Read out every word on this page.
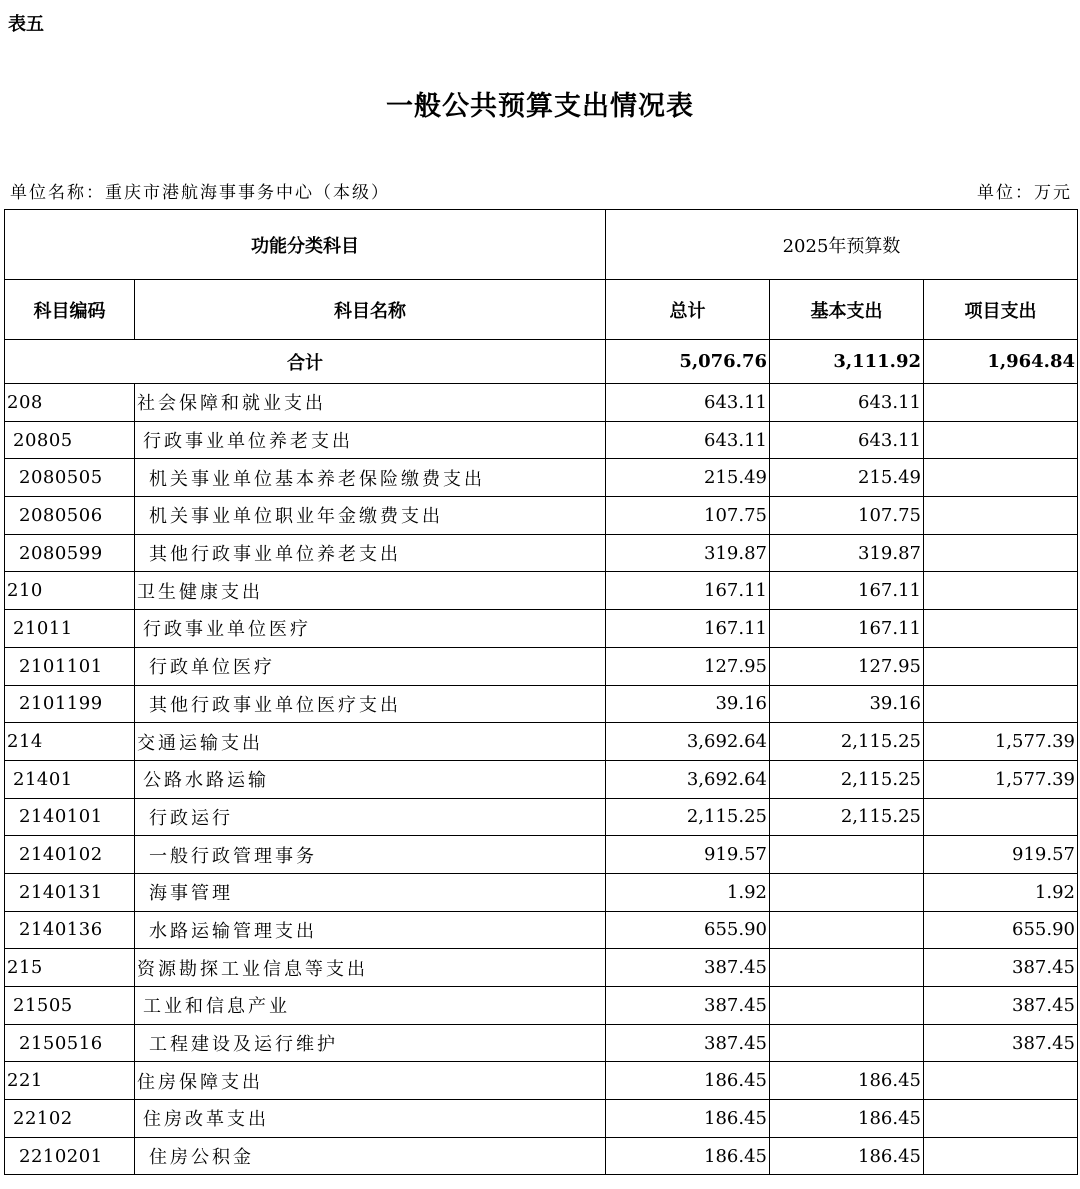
表五
一般公共预算支出情况表
单位名称：重庆市港航海事事务中心（本级）	单位：万元
功能分类科目		2025年预算数		
科目编码	科目名称	总计	基本支出	项目支出
合计		5,076.76	3,111.92	1,964.84
208	社会保障和就业支出	643.11	643.11	
20805	行政事业单位养老支出	643.11	643.11	
2080505	机关事业单位基本养老保险缴费支出	215.49	215.49	
2080506	机关事业单位职业年金缴费支出	107.75	107.75	
2080599	其他行政事业单位养老支出	319.87	319.87	
210	卫生健康支出	167.11	167.11	
21011	行政事业单位医疗	167.11	167.11	
2101101	行政单位医疗	127.95	127.95	
2101199	其他行政事业单位医疗支出	39.16	39.16	
214	交通运输支出	3,692.64	2,115.25	1,577.39
21401	公路水路运输	3,692.64	2,115.25	1,577.39
2140101	行政运行	2,115.25	2,115.25	
2140102	一般行政管理事务	919.57		919.57
2140131	海事管理	1.92		1.92
2140136	水路运输管理支出	655.90		655.90
215	资源勘探工业信息等支出	387.45		387.45
21505	工业和信息产业	387.45		387.45
2150516	工程建设及运行维护	387.45		387.45
221	住房保障支出	186.45	186.45	
22102	住房改革支出	186.45	186.45	
2210201	住房公积金	186.45	186.45	
